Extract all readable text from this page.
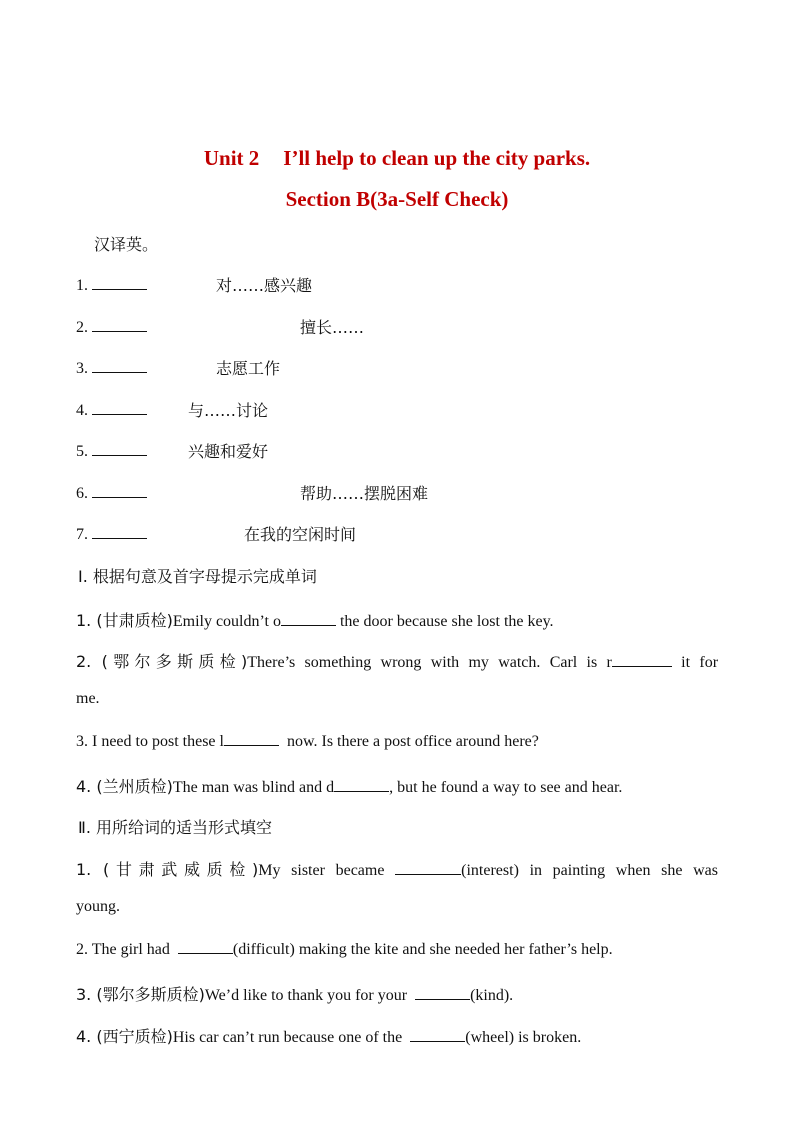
Unit 2 I’ll help to clean up the city parks.
Section B(3a-Self Check)
汉译英。
1.	对……感兴趣
2.	擅长……
3.	志愿工作
4.	与……讨论
5.	兴趣和爱好
6.	帮助……摆脱困难
7.	在我的空闲时间
Ⅰ. 根据句意及首字母提示完成单词
1. (甘肃质检)Emily couldn’t o	the door because she lost the key.
2. (鄂尔多斯质检)There’s something wrong with my watch. Carl is r	it for
me.
3. I need to post these l	now. Is there a post office around here?
4. (兰州质检)The man was blind and d	, but he found a way to see and hear.
Ⅱ. 用所给词的适当形式填空
1. (甘肃武威质检)My sister became	(interest) in painting when she was
young.
2. The girl had	(difficult) making the kite and she needed her father’s help.
3. (鄂尔多斯质检)We’d like to thank you for your	(kind).
4. (西宁质检)His car can’t run because one of the	(wheel) is broken.
